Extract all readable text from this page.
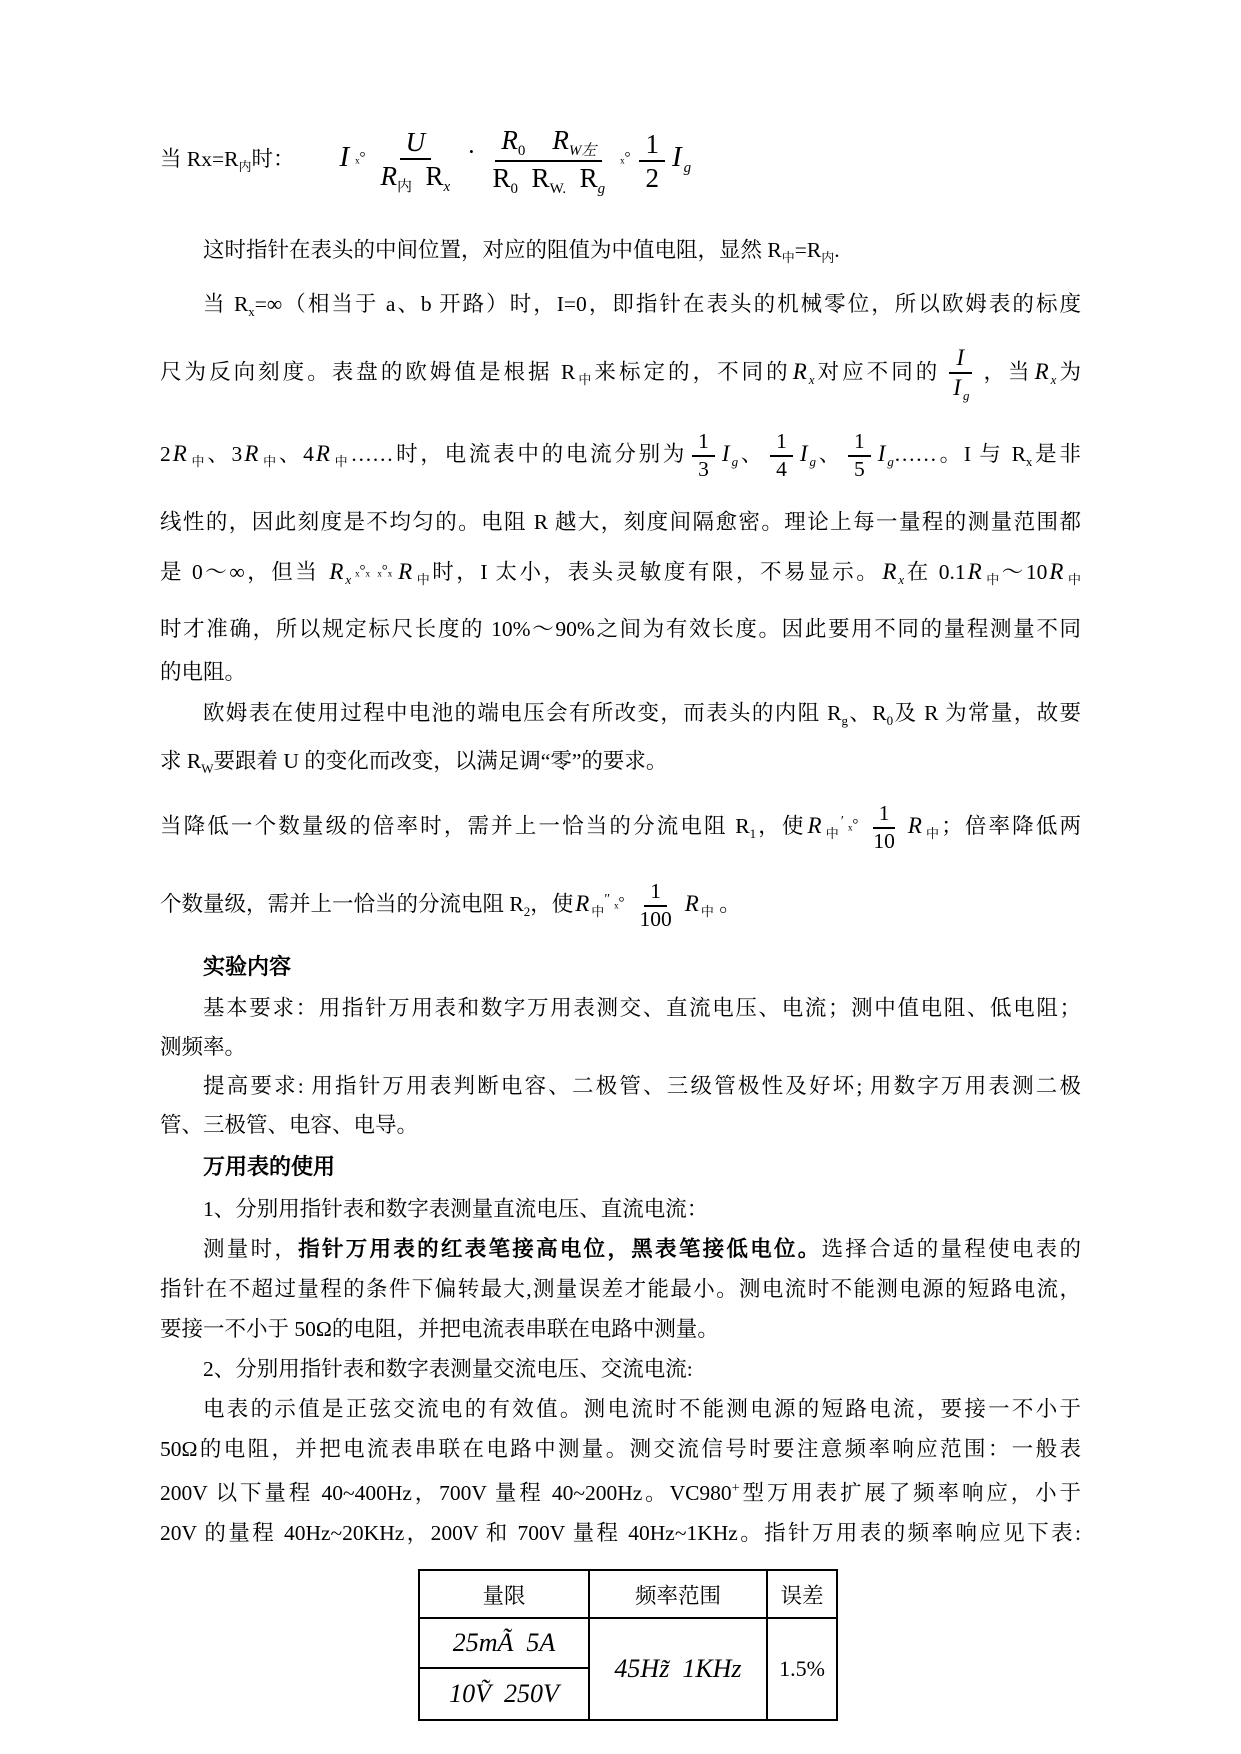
当 $Rx=R_内$时：   I $_x^\circ \frac{U}{R_内 R_x} \cdot \frac{R_0 R_{W左}}{R_0 R_{W.} R_g} _x^\circ \frac{1}{2}$ I $_g$

这时指针在表头的中间位置，对应的阻值为中值电阻，显然 $R_中=R_内$.

当 $R_x=\infty$（相当于 a、b 开路）时，I=0，即指针在表头的机械零位，所以欧姆表的标度

尺为反向刻度。表盘的欧姆值是根据 $R_中$来标定的，不同的R $_x$对应不同的 $\frac{I}{I _g}$ ，当R $_x$为

2R $_中$、3R $_中$、4R $_中$……时，电流表中的电流分别为 $\frac{1}{3}$ I $_g$、 $\frac{1}{4}$ I $_g$、 $\frac{1}{5}$ I $_g$……。I 与 $R_x$是非

线性的，因此刻度是不均匀的。电阻 R 越大，刻度间隔愈密。理论上每一量程的测量范围都

是 0～∞，但当 R $_x$ₓ°ₓ ₓ°ₓ R $_中$时，I 太小，表头灵敏度有限，不易显示。R $_x$在 0.1R $_中$～10R $_中$

时才准确，所以规定标尺长度的 10%～90%之间为有效长度。因此要用不同的量程测量不同

的电阻。

欧姆表在使用过程中电池的端电压会有所改变，而表头的内阻 $R_g$、$R_0$及 R 为常量，故要

求 $R_W$要跟着 U 的变化而改变，以满足调“零”的要求。

当降低一个数量级的倍率时，需并上一恰当的分流电阻 $R_1$，使R $_中$′ $_x^\circ \frac{1}{10}$ R $_中$；倍率降低两

个数量级，需并上一恰当的分流电阻 $R_2$，使R $_中$″ $_x^\circ \frac{1}{100}$ R $_中$ 。

实验内容

基本要求：用指针万用表和数字万用表测交、直流电压、电流；测中值电阻、低电阻；

测频率。

提高要求: 用指针万用表判断电容、二极管、三级管极性及好坏; 用数字万用表测二极

管、三极管、电容、电导。

万用表的使用

1、分别用指针表和数字表测量直流电压、直流电流：

测量时，指针万用表的红表笔接高电位，黑表笔接低电位。选择合适的量程使电表的

指针在不超过量程的条件下偏转最大,测量误差才能最小。测电流时不能测电源的短路电流，

要接一不小于 50Ω的电阻，并把电流表串联在电路中测量。

2、分别用指针表和数字表测量交流电压、交流电流:

电表的示值是正弦交流电的有效值。测电流时不能测电源的短路电流，要接一不小于

50Ω的电阻，并把电流表串联在电路中测量。测交流信号时要注意频率响应范围：一般表

200V 以下量程 40~400Hz，700V 量程 40~200Hz。VC980+型万用表扩展了频率响应，小于

20V 的量程 40Hz~20KHz，200V 和 700V 量程 40Hz~1KHz。指针万用表的频率响应见下表:

量限	频率范围	误差
25mÃ 5A	45Hz̃ 1KHz	1.5%
10Ṽ 250V		
